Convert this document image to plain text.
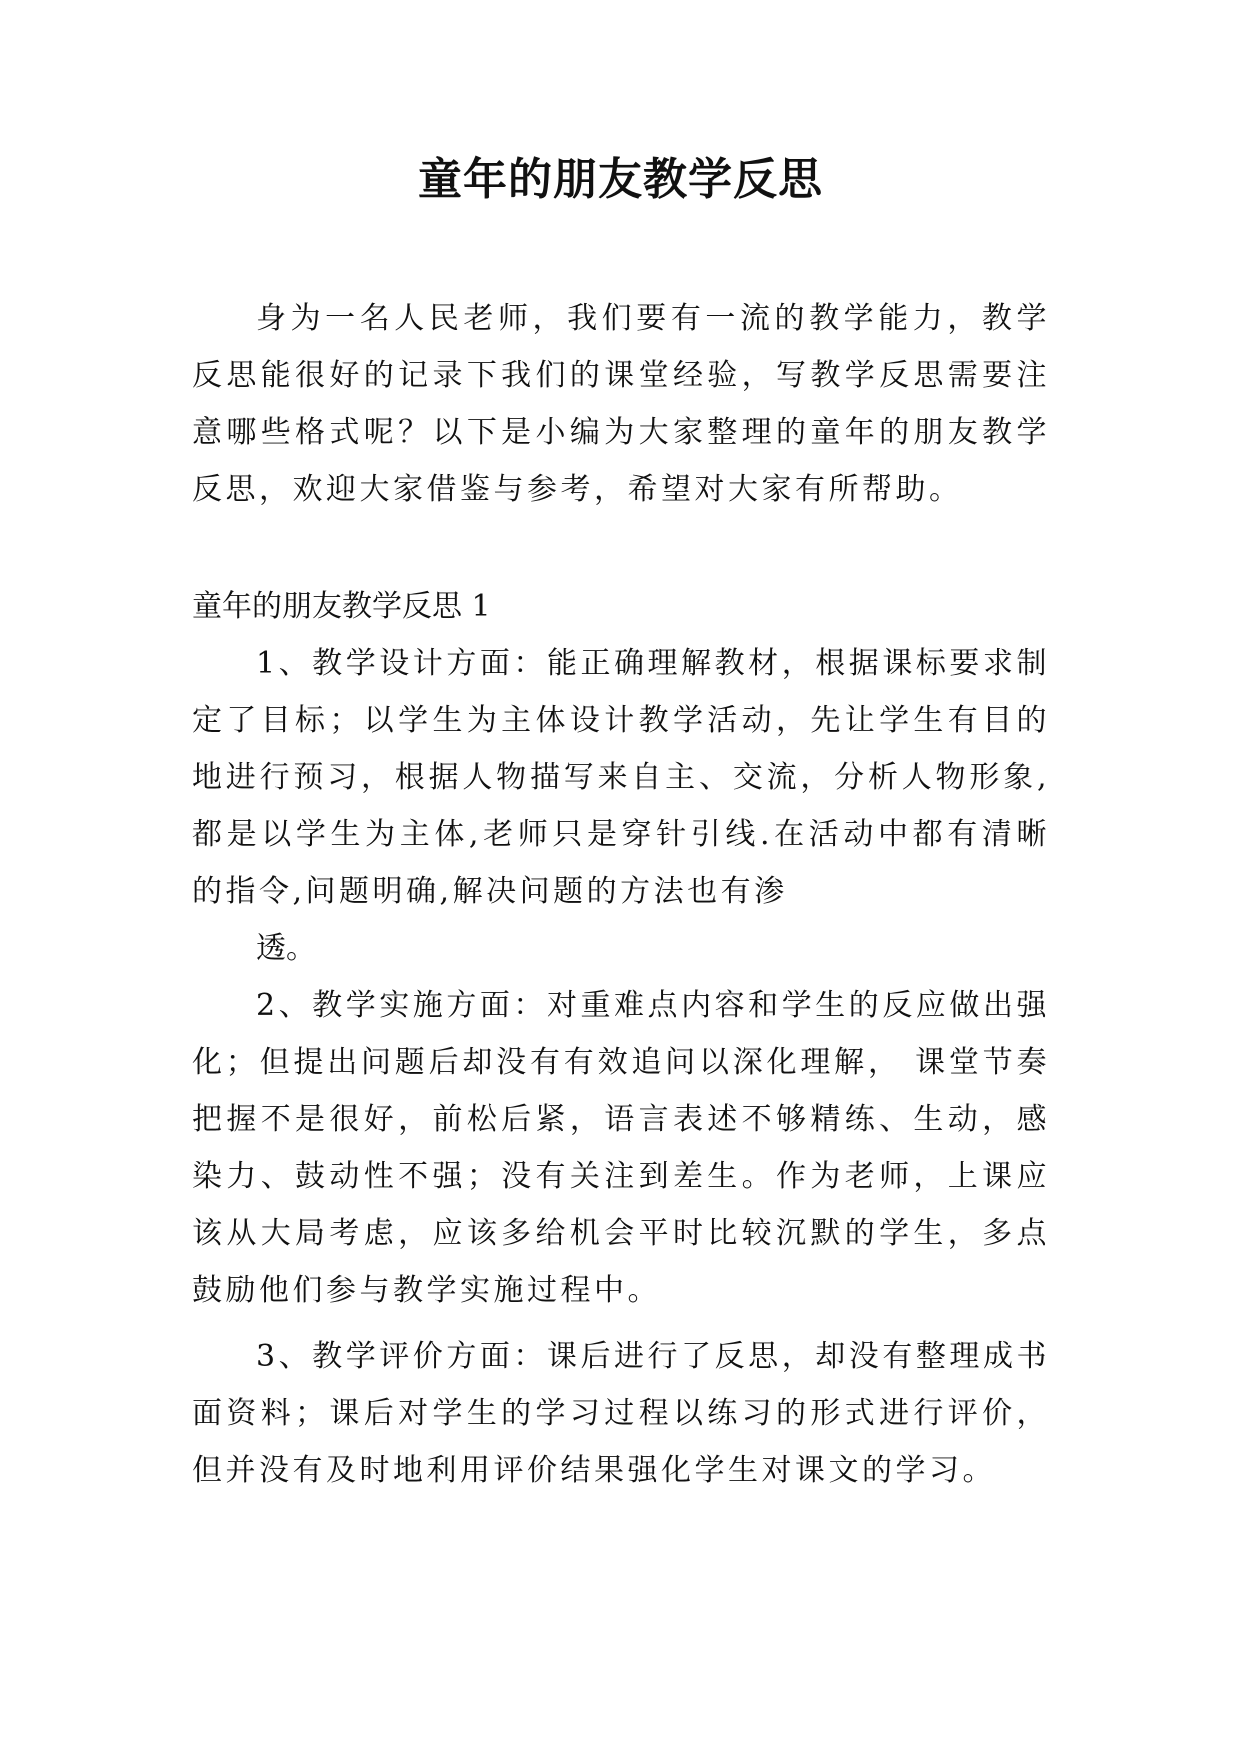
童年的朋友教学反思

身为一名人民老师，我们要有一流的教学能力，教学反思能很好的记录下我们的课堂经验，写教学反思需要注意哪些格式呢？以下是小编为大家整理的童年的朋友教学反思，欢迎大家借鉴与参考，希望对大家有所帮助。

童年的朋友教学反思 1

1、教学设计方面：能正确理解教材，根据课标要求制定了目标；以学生为主体设计教学活动，先让学生有目的地进行预习，根据人物描写来自主、交流，分析人物形象,都是以学生为主体,老师只是穿针引线.在活动中都有清晰的指令,问题明确,解决问题的方法也有渗

透。

2、教学实施方面：对重难点内容和学生的反应做出强化；但提出问题后却没有有效追问以深化理解， 课堂节奏把握不是很好，前松后紧，语言表述不够精练、生动，感染力、鼓动性不强；没有关注到差生。作为老师，上课应该从大局考虑，应该多给机会平时比较沉默的学生，多点鼓励他们参与教学实施过程中。

3、教学评价方面：课后进行了反思，却没有整理成书面资料；课后对学生的学习过程以练习的形式进行评价，但并没有及时地利用评价结果强化学生对课文的学习。
